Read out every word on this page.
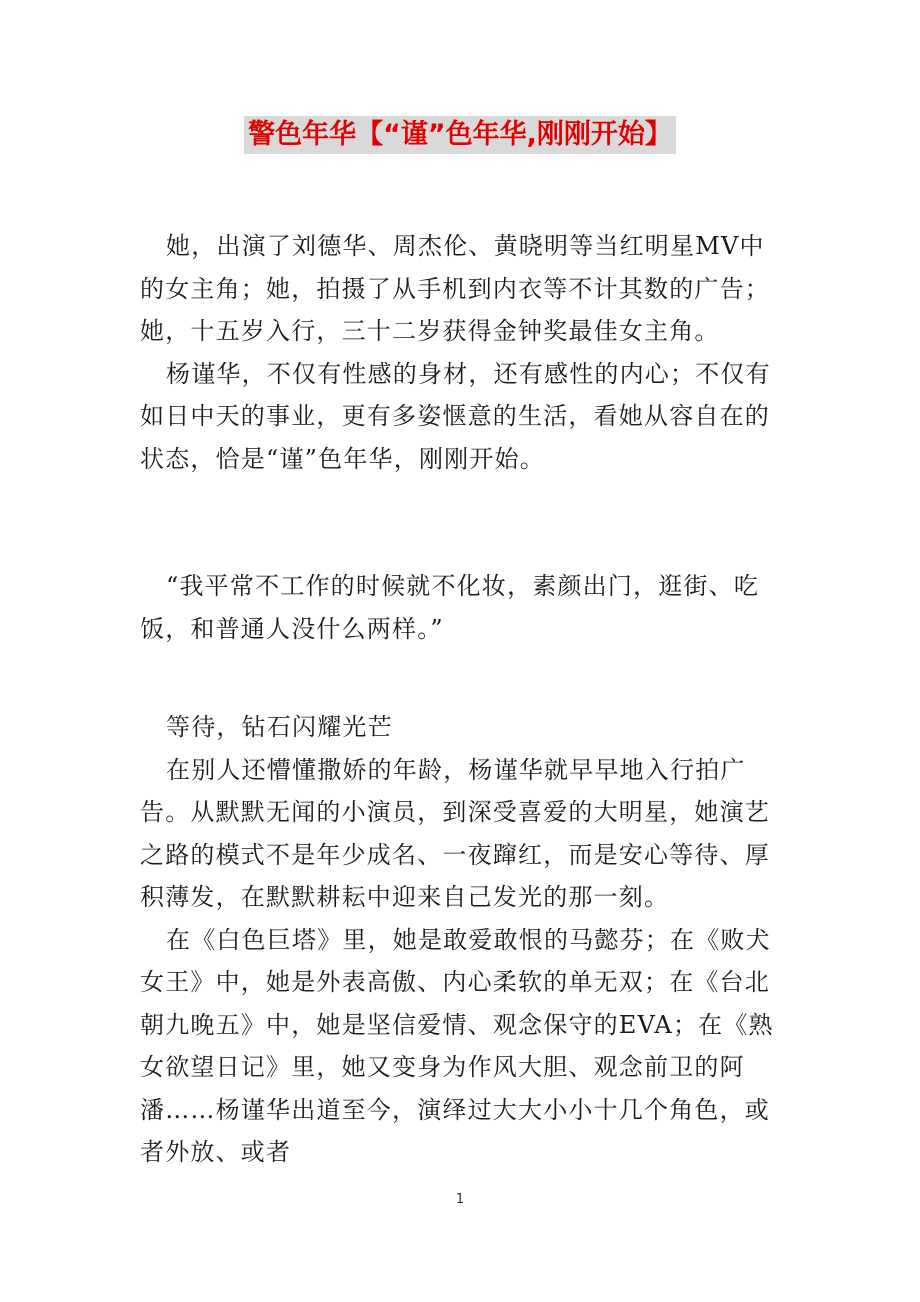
警色年华【“谨”色年华,刚刚开始】

她，出演了刘德华、周杰伦、黄晓明等当红明星MV中的女主角；她，拍摄了从手机到内衣等不计其数的广告；她，十五岁入行，三十二岁获得金钟奖最佳女主角。

杨谨华，不仅有性感的身材，还有感性的内心；不仅有如日中天的事业，更有多姿惬意的生活，看她从容自在的状态，恰是“谨”色年华，刚刚开始。

“我平常不工作的时候就不化妆，素颜出门，逛街、吃饭，和普通人没什么两样。”

等待，钻石闪耀光芒

在别人还懵懂撒娇的年龄，杨谨华就早早地入行拍广告。从默默无闻的小演员，到深受喜爱的大明星，她演艺之路的模式不是年少成名、一夜蹿红，而是安心等待、厚积薄发，在默默耕耘中迎来自己发光的那一刻。

在《白色巨塔》里，她是敢爱敢恨的马懿芬；在《败犬女王》中，她是外表高傲、内心柔软的单无双；在《台北朝九晚五》中，她是坚信爱情、观念保守的EVA；在《熟女欲望日记》里，她又变身为作风大胆、观念前卫的阿潘……杨谨华出道至今，演绎过大大小小十几个角色，或者外放、或者

1
